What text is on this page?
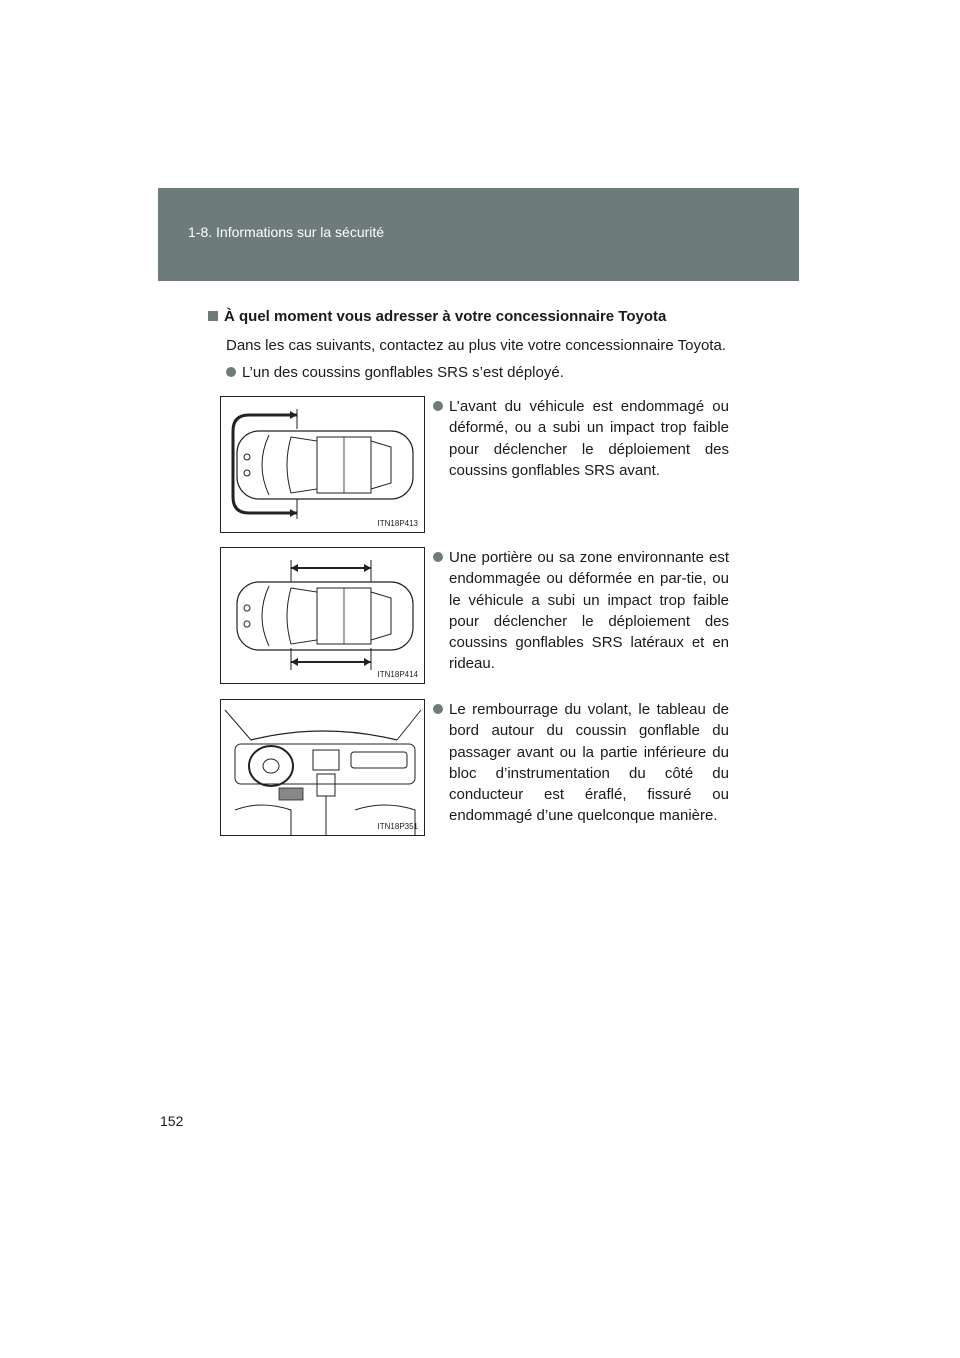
1-8. Informations sur la sécurité
À quel moment vous adresser à votre concessionnaire Toyota
Dans les cas suivants, contactez au plus vite votre concessionnaire Toyota.
L’un des coussins gonflables SRS s’est déployé.
ITN18P413
L’avant du véhicule est endommagé ou déformé, ou a subi un impact trop faible pour déclencher le déploiement des coussins gonflables SRS avant.
ITN18P414
Une portière ou sa zone environnante est endommagée ou déformée en par-tie, ou le véhicule a subi un impact trop faible pour déclencher le déploiement des coussins gonflables SRS latéraux et en rideau.
ITN18P351
Le rembourrage du volant, le tableau de bord autour du coussin gonflable du passager avant ou la partie inférieure du bloc d’instrumentation du côté du conducteur est éraflé, fissuré ou endommagé d’une quelconque manière.
152
